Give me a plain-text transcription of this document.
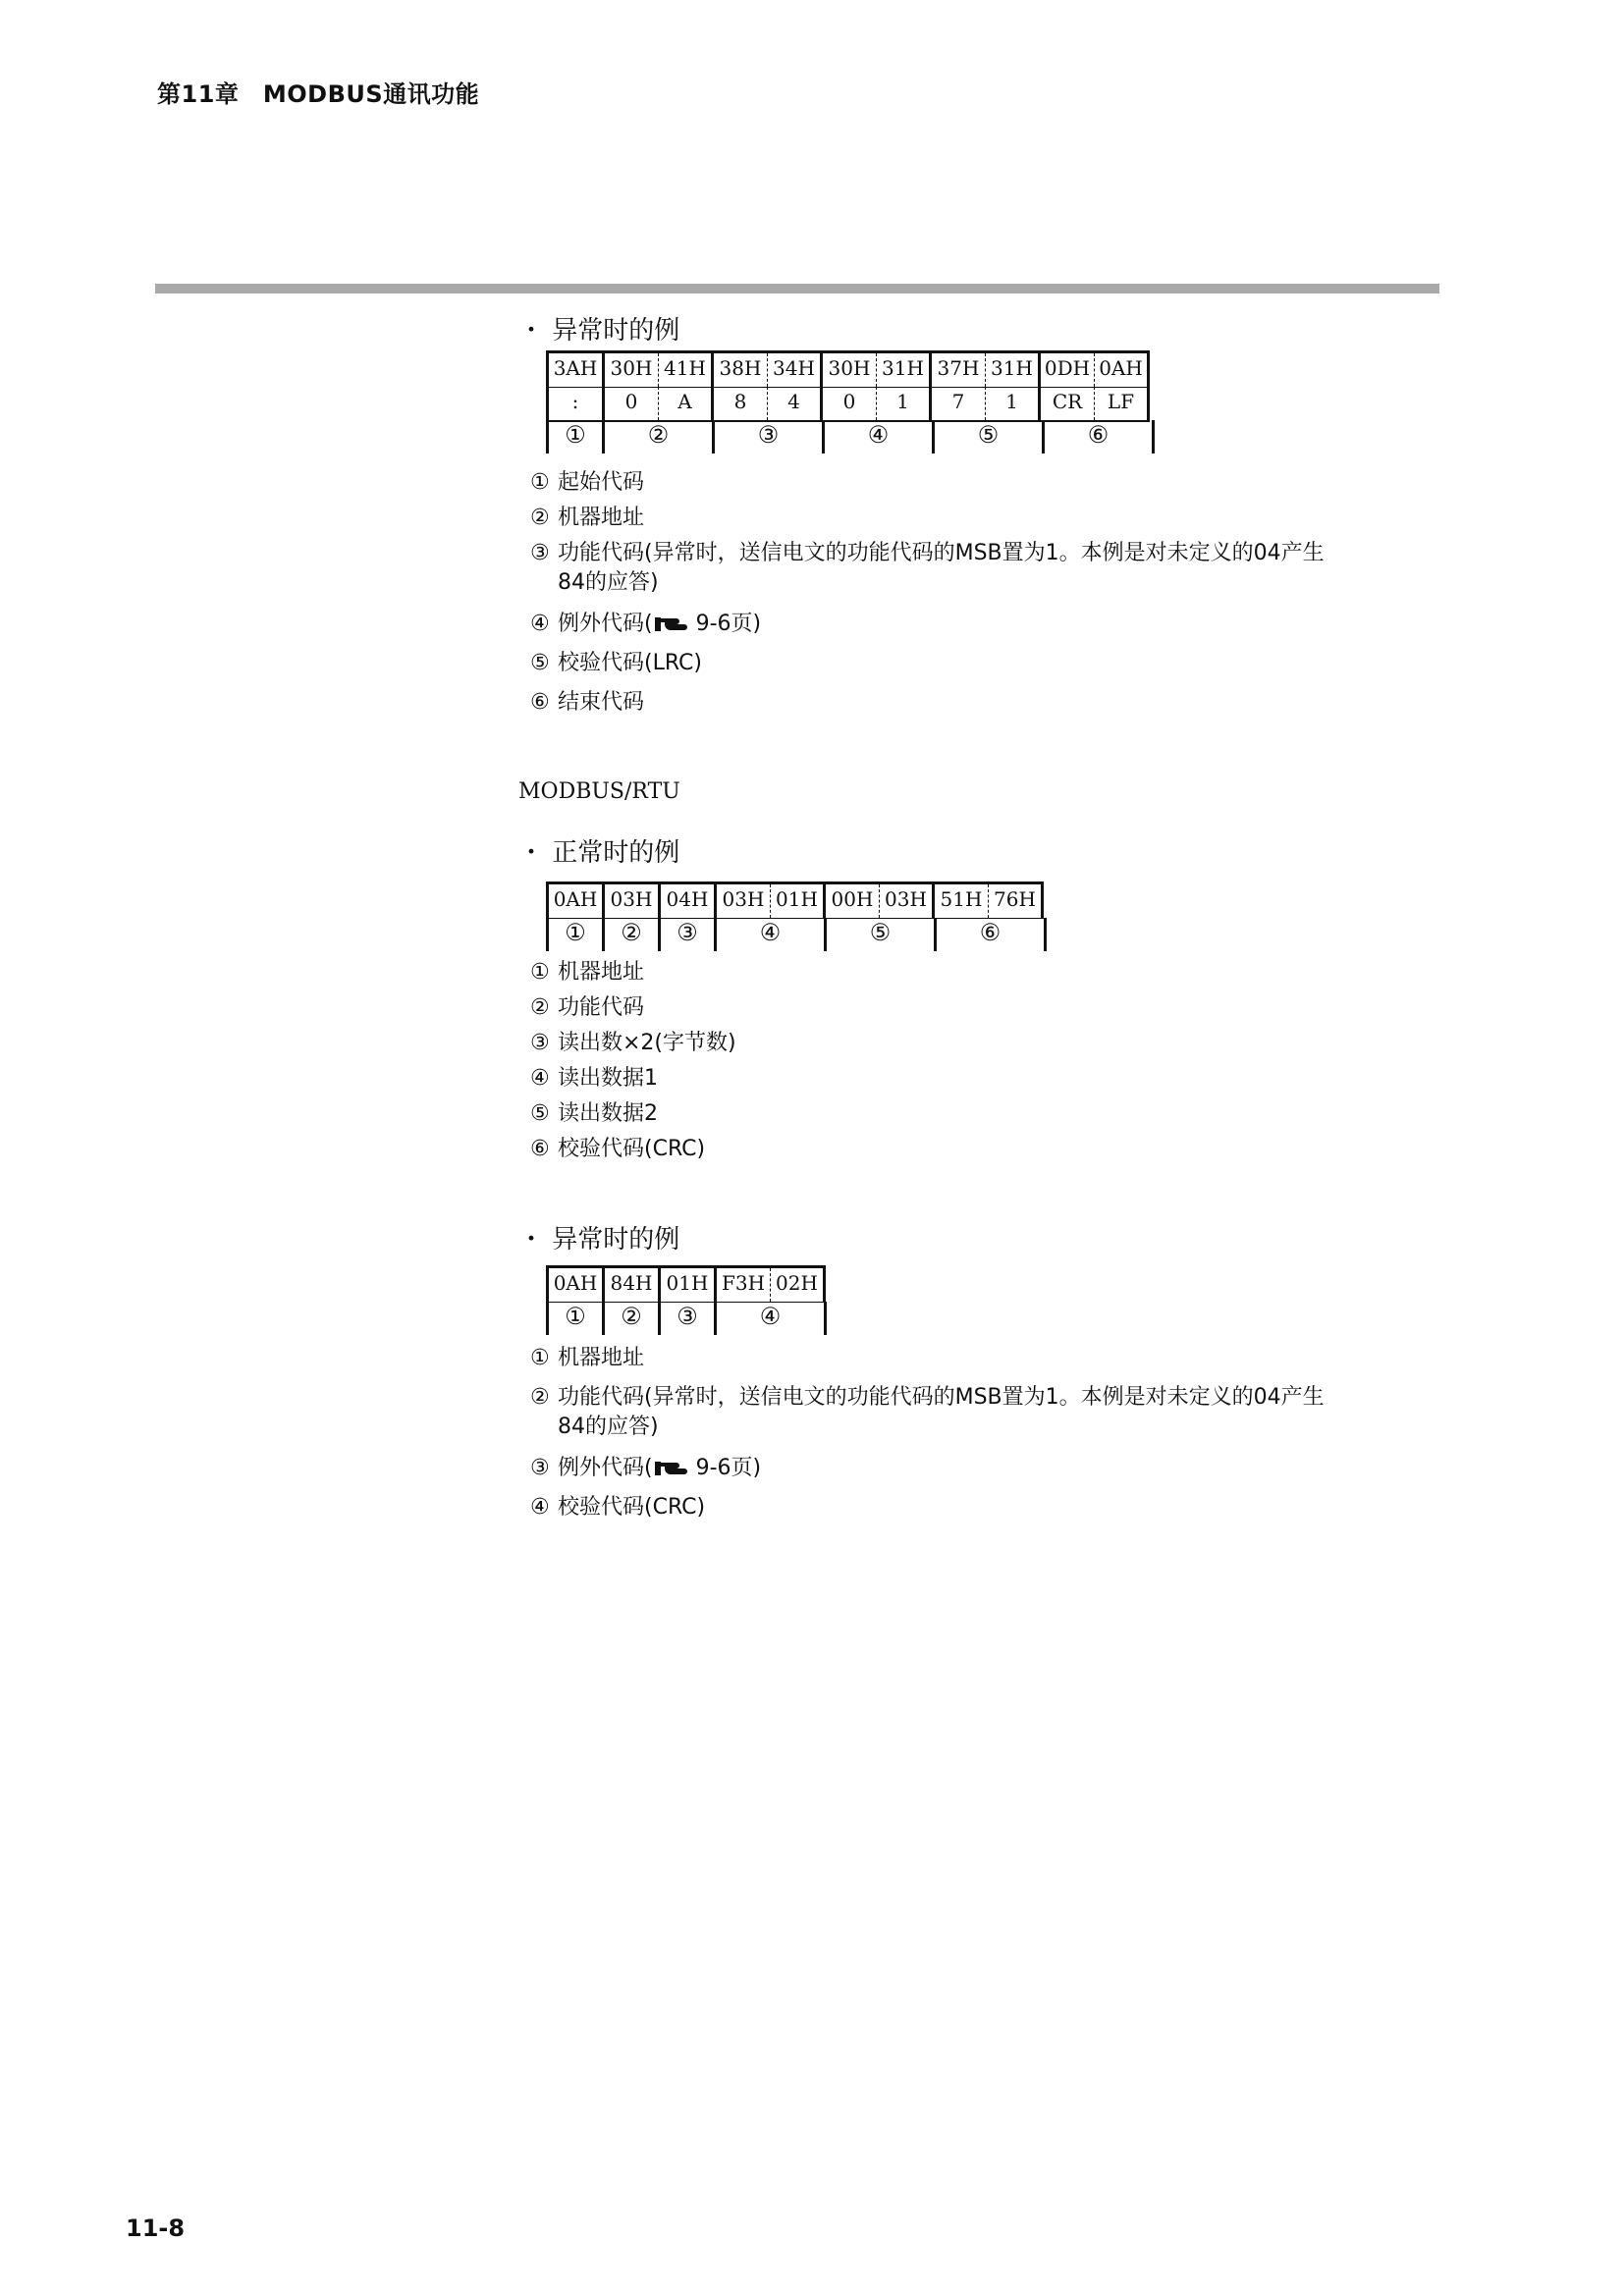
第11章　MODBUS通讯功能
・ 异常时的例
3AH 30H 41H 38H 34H 30H 31H 37H 31H 0DH 0AH
:	0	A	8	4	0	1	7	1	CR	LF
①	②	③	④	⑤	⑥
① 起始代码
② 机器地址
③ 功能代码(异常时，送信电文的功能代码的MSB置为1。本例是对未定义的04产生
84的应答)
④ 例外代码( 9-6页)
⑤ 校验代码(LRC)
⑥ 结束代码
MODBUS/RTU
・ 正常时的例
0AH 03H 04H 03H 01H 00H 03H 51H 76H
①	②	③	④	⑤	⑥
① 机器地址
② 功能代码
③ 读出数×2(字节数)
④ 读出数据1
⑤ 读出数据2
⑥ 校验代码(CRC)
・ 异常时的例
0AH 84H 01H F3H 02H
①	②	③	④
① 机器地址
② 功能代码(异常时，送信电文的功能代码的MSB置为1。本例是对未定义的04产生
84的应答)
③ 例外代码( 9-6页)
④ 校验代码(CRC)
11-8
